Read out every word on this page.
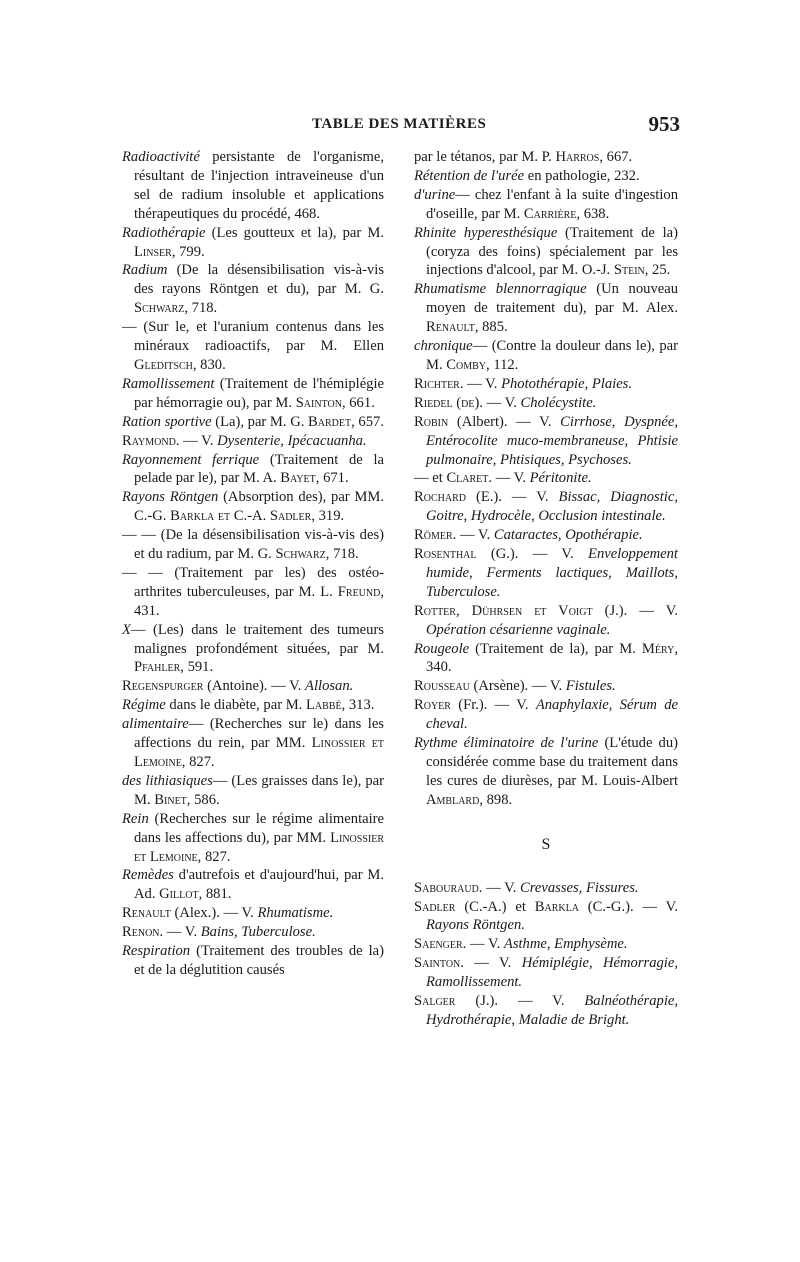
TABLE DES MATIÈRES	953
Radioactivité persistante de l'organisme, résultant de l'injection intraveineuse d'un sel de radium insoluble et applications thérapeutiques du procédé, 468.
Radiothérapie (Les goutteux et la), par M. Linser, 799.
Radium (De la désensibilisation vis-à-vis des rayons Röntgen et du), par M. G. Schwarz, 718.
— (Sur le, et l'uranium contenus dans les minéraux radioactifs, par M. Ellen Gleditsch, 830.
Ramollissement (Traitement de l'hémiplégie par hémorragie ou), par M. Sainton, 661.
Ration sportive (La), par M. G. Bardet, 657.
Raymond. — V. Dysenterie, Ipécacuanha.
Rayonnement ferrique (Traitement de la pelade par le), par M. A. Bayet, 671.
Rayons Röntgen (Absorption des), par MM. C.-G. Barkla et C.-A. Sadler, 319.
— — (De la désensibilisation vis-à-vis des) et du radium, par M. G. Schwarz, 718.
— — (Traitement par les) des ostéo-arthrites tuberculeuses, par M. L. Freund, 431.
X— (Les) dans le traitement des tumeurs malignes profondément situées, par M. Pfahler, 591.
Regenspurger (Antoine). — V. Allosan.
Régime dans le diabète, par M. Labbé, 313.
alimentaire— (Recherches sur le) dans les affections du rein, par MM. Linossier et Lemoine, 827.
des lithiasiques— (Les graisses dans le), par M. Binet, 586.
Rein (Recherches sur le régime alimentaire dans les affections du), par MM. Linossier et Lemoine, 827.
Remèdes d'autrefois et d'aujourd'hui, par M. Ad. Gillot, 881.
Renault (Alex.). — V. Rhumatisme.
Renon. — V. Bains, Tuberculose.
Respiration (Traitement des troubles de la) et de la déglutition causés
par le tétanos, par M. P. Harros, 667.
Rétention de l'urée en pathologie, 232.
d'urine— chez l'enfant à la suite d'ingestion d'oseille, par M. Carrière, 638.
Rhinite hyperesthésique (Traitement de la) (coryza des foins) spécialement par les injections d'alcool, par M. O.-J. Stein, 25.
Rhumatisme blennorragique (Un nouveau moyen de traitement du), par M. Alex. Renault, 885.
chronique— (Contre la douleur dans le), par M. Comby, 112.
Richter. — V. Photothérapie, Plaies.
Riedel (de). — V. Cholécystite.
Robin (Albert). — V. Cirrhose, Dyspnée, Entérocolite muco-membraneuse, Phtisie pulmonaire, Phtisiques, Psychoses.
— et Claret. — V. Péritonite.
Rochard (E.). — V. Bissac, Diagnostic, Goitre, Hydrocèle, Occlusion intestinale.
Römer. — V. Cataractes, Opothérapie.
Rosenthal (G.). — V. Enveloppement humide, Ferments lactiques, Maillots, Tuberculose.
Rotter, Dührsen et Voigt (J.). — V. Opération césarienne vaginale.
Rougeole (Traitement de la), par M. Méry, 340.
Rousseau (Arsène). — V. Fistules.
Royer (Fr.). — V. Anaphylaxie, Sérum de cheval.
Rythme éliminatoire de l'urine (L'étude du) considérée comme base du traitement dans les cures de diurèses, par M. Louis-Albert Amblard, 898.
S
Sabouraud. — V. Crevasses, Fissures.
Sadler (C.-A.) et Barkla (C.-G.). — V. Rayons Röntgen.
Saenger. — V. Asthme, Emphysème.
Sainton. — V. Hémiplégie, Hémorragie, Ramollissement.
Salger (J.). — V. Balnéothérapie, Hydrothérapie, Maladie de Bright.
